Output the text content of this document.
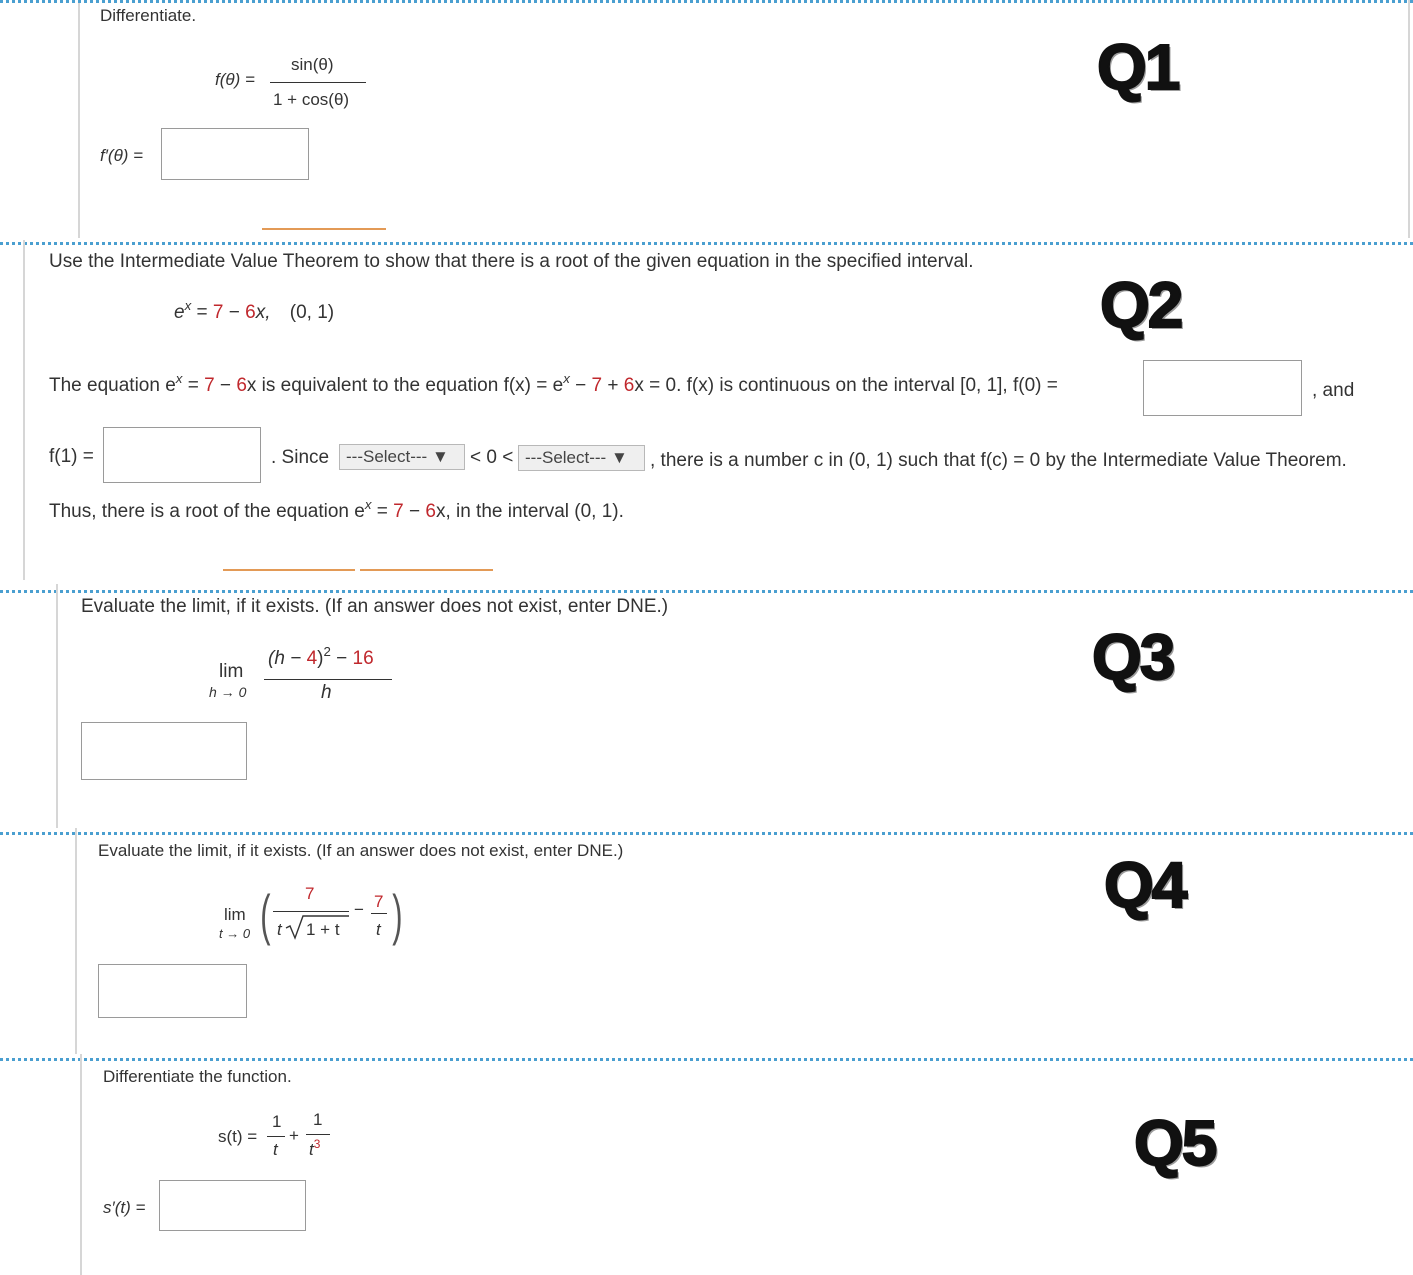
Differentiate.
f(θ) =
sin(θ)
1 + cos(θ)
f′(θ) =
Q1
Use the Intermediate Value Theorem to show that there is a root of the given equation in the specified interval.
$e^x = 7 - 6x$, (0, 1)
The equation $e^x = 7 - 6x$ is equivalent to the equation $f(x) = e^x - 7 + 6x = 0$. f(x) is continuous on the interval [0, 1], f(0) =	, and
f(1) =	. Since ---Select--- ▼	< 0 < ---Select--- ▼	, there is a number c in (0, 1) such that f(c) = 0 by the Intermediate Value Theorem.
Thus, there is a root of the equation $e^x = 7 - 6x$, in the interval (0, 1).
Q2
Evaluate the limit, if it exists. (If an answer does not exist, enter DNE.)
lim
h → 0
$(h - 4)^2 - 16$
h	Q3
Evaluate the limit, if it exists. (If an answer does not exist, enter DNE.)
lim
t → 0 ( 7
t 1 + t
− 7
t )	Q4
Differentiate the function.
s(t) =
1
t
+
1
$t^3$
s′(t) =
Q5
